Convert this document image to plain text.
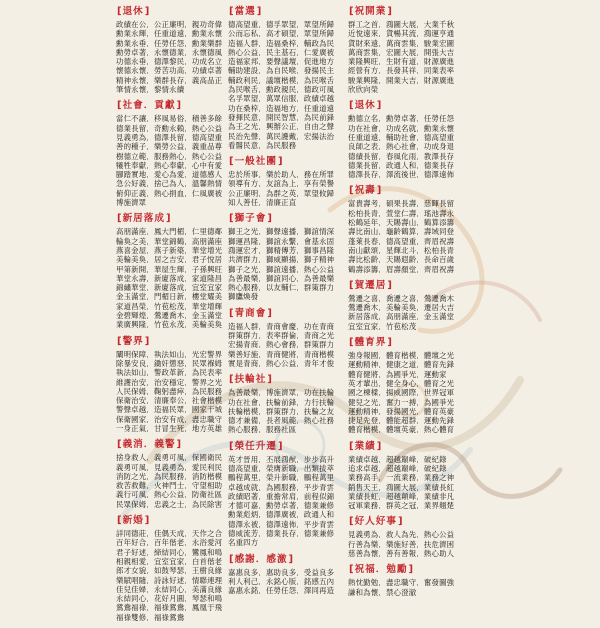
[ 退休 ]
政績在公．公正廉明．親功奇偉
勳業永輝．任重道遠．勳業永懷
勳業永垂．任勞任怨．勳業樂群
勳勞卓著．永懷德業．永懷德風
功德永垂．德澤黎民．功成名立
懷德永懷．勞苦功高．功績卓著
精神永懷．樂群長存．義高品正
筆情永懷．黎情永續
[ 社會．貢獻 ]
當仁不讓．移風易俗．積善多餘
德業長留．奇勳永賴．熱心公益
見義勇為．德澤長留．德高望重
善的種子．樂勞公益．義重品尊
樹德立範．服務熱心．熱心公益
犧牲奉獻．熱心奉獻．心中有愛
腳踏實地．愛心為愛．道德感人
急公好義．捨己為人．溫馨熱情
俯仰正義．熱心捐血．仁風廣被
博施濟眾
[ 新居落成 ]
高朋滿座．鳳大門楣．仁里德鄰
輪奐之美．華堂錦鶴．高朋滿座
燕喜金屋．燕子新築．華堂增光
美輪美奐．居之吉安．君子悅居
甲第新開．華屋生輝．子孫興旺
華堂永壽．新廈落成．家道隆昌
錦繡華堂．新廈落成．宜室宜家
金玉滿堂．門楣日新．樓堂耀美
家道昌榮．竹苞松茂．華堂增輝
金碧輝煌．鶯遷喬木．金玉滿堂
業廣興隆．竹苞永茂．美輪美奐
[ 警界 ]
闡明保障．執法如山．光宏警界
除暴安良．鋤奸懲惡．民眾褓姆
執法如山．警政革新．為民表率
維護治安．治安穩定．警界之光
人民保姆．鞠躬盡瘁．為民服務
保衛治安．清廉奉公．社會楷模
警聲卓越．造福民眾．國家干城
保衛國家．治安有成．盡忠職守
一身正氣．甘冒生死．地方英雄
[ 義消．義警 ]
捨身救人．義勇可風．保國衛民
義勇可風．見義勇為．愛民利民
消防之光．為民服務．消防楷模
救苦救難．火神鬥士．守望相助
義行可風．熱心公益．防衛社區
民眾保姆．忠義之士．為民除害
[ 新婚 ]
詳同德莊．佳偶天成．天作之合
百年好合．百年偕老．永浴愛河
君子好逑．締結同心．鸞鳳和鳴
相親相愛．宜室宜家．白首偕老
郎才女貌．如鼓琴瑟．王樹良緣
樂賦唱隨．詩詠好逑．情聯連理
佳兒佳婦．永結同心．美滿良緣
永結同心．花好月圓．琴瑟和鳴
鴛鴦福祿．福祿鴛鴦．鳳凰于飛
福祿雙修．福祿鴛鴦
[ 當選 ]
德高望重．德孚眾望．眾望所歸
公而忘私．高才碩望．眾望所歸
造福人群．造福桑梓．輔政為民
熱心公益．民主基石．仁愛廣被
造福家邦．要聲議壇．促進地方
輔助建設．為自民喉．發揚民主
輔政利民．議壇楷模．為民喉舌
為民喉舌．勳政親民．德政可風
名孚眾望．萬眾信服．政績卓越
功在桑梓．造福地方．任重道遠
發揮民意．開民智慧．為民前鋒
為王之光．興辦公正．自由之聲
民治先聲．萬民護戴．宏揚法治
看醫民意．為民服務
[ 一般社團 ]
忠於所事．樂於助人．務在所罪
領導有方．友誼為上．享有榮譽
公正廉明．為群之英．眾望攸歸
知人善任．清廉正直
[ 獅子會 ]
獅王之光．獅聲遠播．獅誼情深
獅運昌隆．獅誼永繫．會基永固
鴻運宏才．獅精傳芳．獅事昌隆
共濟群力．獅威顯揚．獅子精神
獅子之光．獅誼遠播．熱心公益
為善最樂．獅誼同心．為善最樂
熱心服務．以友輔仁．群策群力
獅鷹煥發
[ 青商會 ]
造福人群．青商會慶．功在青商
群策群力．表率群倫．青商之光
宏揚青商．熱心會務．群策群力
樂善好施．青商健將．青商楷模
實是青商．熱心公益．青年才俊
[ 扶輪社 ]
為善最樂．博施濟眾．功在扶輪
功在社會．扶輪前鋒．力行扶輪
扶輪楷模．群策群力．扶輪之友
德才兼備．長者風範．熱心社務
熱心服務．服務社區
[ 榮任升遷 ]
英才晉用．丕展鴻猷．步步高升
德高望重．榮膺新職．出類拔萃
鵬程萬里．榮升新職．鵬程萬里
卓越成就．為國服務．平步青雲
政績昭著．重擔常肩．前程似錦
才德可嘉．勳勞卓著．德業兼修
勳業彪炳．德澤廣被．政通人和
德澤永被．德澤遠佈．平步青雲
德威流芳．德業長存．德業兼修
名重四方
[ 感謝．感激 ]
嘉惠良多．惠助良多．受益良多
利人利己．永銘心版．銘感五內
嘉惠永銘．任勞任怨．澤同再造
[ 祝開業 ]
群工之首．鴻圖大展．大業千秋
近悅遠來．貨暢其流．鴻運亨通
貨財來遠．萬商雲集．駿業宏圖
萬商雲集．宏圖大展．開張大吉
業隆興旺．生財有道．財源廣進
經營有方．長發其祥．同業表率
駿業興隆．開業大吉．財源廣進
欣欣向榮
[ 退休 ]
勳德立名．勳勞卓著．任勞任怨
功在社會．功成名就．勳業永懷
任重道遠．輔助社會．德高望重
良師之表．熱心社會．功成身退
德績長留．春風化雨．教澤長存
德業長留．政通人和．德業長存
德澤長存．澤流後世．德澤遠佈
[ 祝壽 ]
富貴壽考．碩果長壽．慈暉長留
松柏長青．萱堂仁壽．瑤池壽永
松鶴延年．天賜壽山．鶴算添籌
壽比南山．龜齡鶴算．壽域同登
蓬萊長春．德高望重．齊眉祝壽
南山獻頌．星輝北斗．松柏長青
壽比松齡．天賜遐齡．長命百歲
鶴壽添籌．眉壽顏堂．齊眉祝壽
[ 賀遷居 ]
鶯遷之喜．喬遷之喜．鶯遷喬木
鶯遷喬木．美輪美奐．遷居大吉
新居落成．高朋滿座．金玉滿堂
宜室宜家．竹苞松茂
[ 體育界 ]
強身報國．體育楷模．體壇之光
運動精神．健康之道．體育先鋒
體育健將．為國爭光．運動家
英才輩出．健全身心．體育之光
國之棟樑．揚威國際．世界冠軍
健兒之光．奮力一搏．為國爭光
運動精神．發揚國光．體育英豪
捷足先登．體能超群．運動先鋒
體育楷模．體壇英豪．熱心體育
[ 業績 ]
業績卓越．超越巔峰．破紀錄
追求卓越．超越巔峰．破紀錄
業務高手．一流業務．業務之神
銷售天王．鴻圖大展．業績長紅
業績長虹．超越顛峰．業績非凡
冠軍業務．群英之冠．業界翹楚
[ 好人好事 ]
見義勇為．救人為先．熱心公益
行善為樂．樂施好善．扶危濟困
慈善為懷．善有善報．熱心助人
[ 祝福．勉勵 ]
熱忱勤勉．盡忠職守．奮發圖強
謙和為懷．禁心澄澈
